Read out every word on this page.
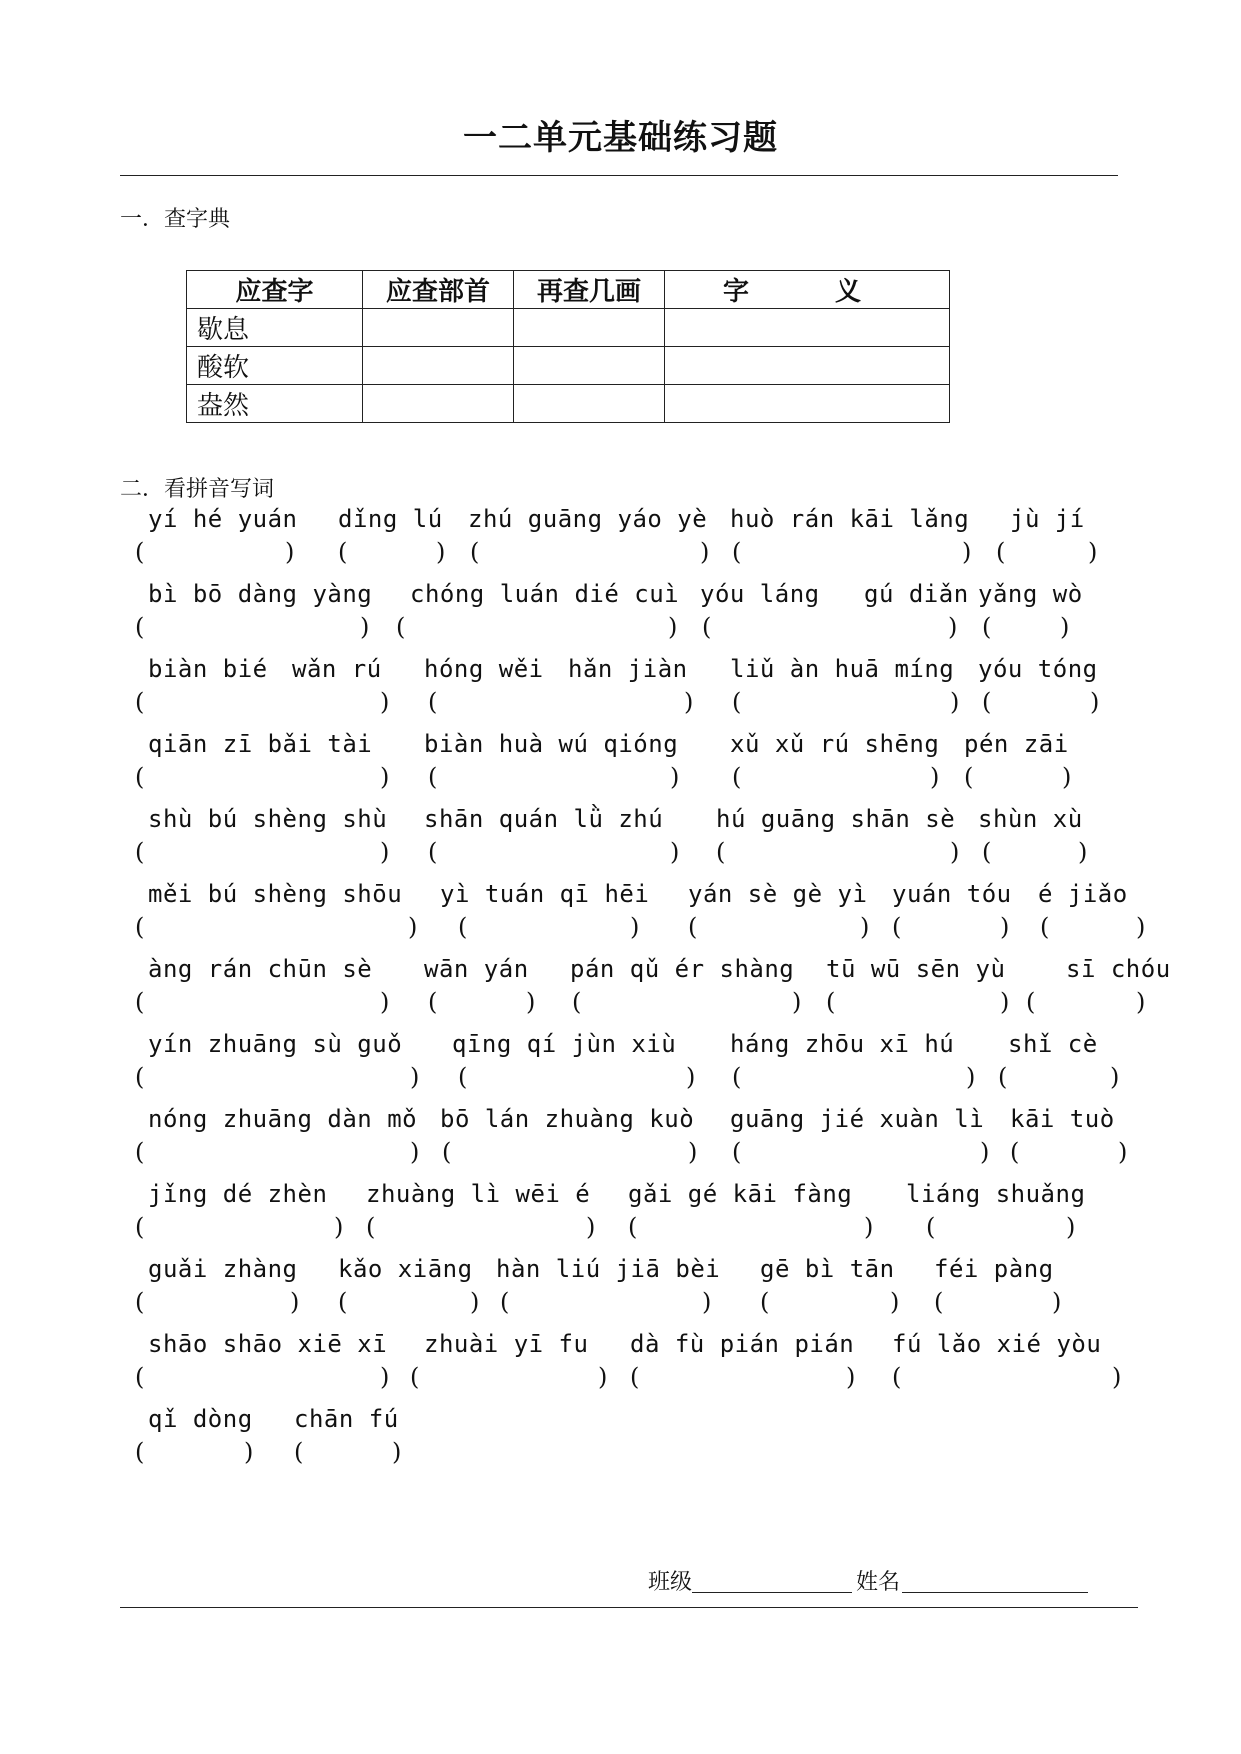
一二单元基础练习题
一．查字典
应查字	应查部首	再查几画	字　义
歇息			
酸软			
盎然			
二．看拼音写词
yí hé yuán dǐng lú zhú guāng yáo yè huò rán kāi lǎng jù jí
(	) (	) (	) (	) (	)
bì bō dàng yàng chóng luán dié cuì yóu láng gú diǎn yǎng wò
(	) (	) (	) (	)
biàn bié wǎn rú hóng wěi hǎn jiàn liǔ àn huā míng yóu tóng
(	) (	) (	) (	)
qiān zī bǎi tài biàn huà wú qióng xǔ xǔ rú shēng pén zāi
(	) (	) (	) (	)
shù bú shèng shù shān quán lǜ zhú hú guāng shān sè shùn xù
(	) (	) (	) (	)
měi bú shèng shōu yì tuán qī hēi yán sè gè yì yuán tóu é jiǎo
(	) (	) (	) (	) (	)
àng rán chūn sè wān yán pán qǔ ér shàng tū wū sēn yù	sī chóu
(	) (	) (	) (	) (	)
yín zhuāng sù guǒ qīng qí jùn xiù háng zhōu xī hú shǐ cè
(	) (	) (	) (	)
nóng zhuāng dàn mǒ bō lán zhuàng kuò guāng jié xuàn lì kāi tuò
(	) (	) (	) (	)
jǐng dé zhèn zhuàng lì wēi é gǎi gé kāi fàng liáng shuǎng
(	) (	) (	) (	)
guǎi zhàng kǎo xiāng hàn liú jiā bèi gē bì tān féi pàng
(	) (	) (	) (	) (	)
shāo shāo xiē xī zhuài yī fu dà fù pián pián fú lǎo xié yòu
(	) (	) (	) (	)
qǐ dòng chān fú
(	) (	)
班级	姓名
